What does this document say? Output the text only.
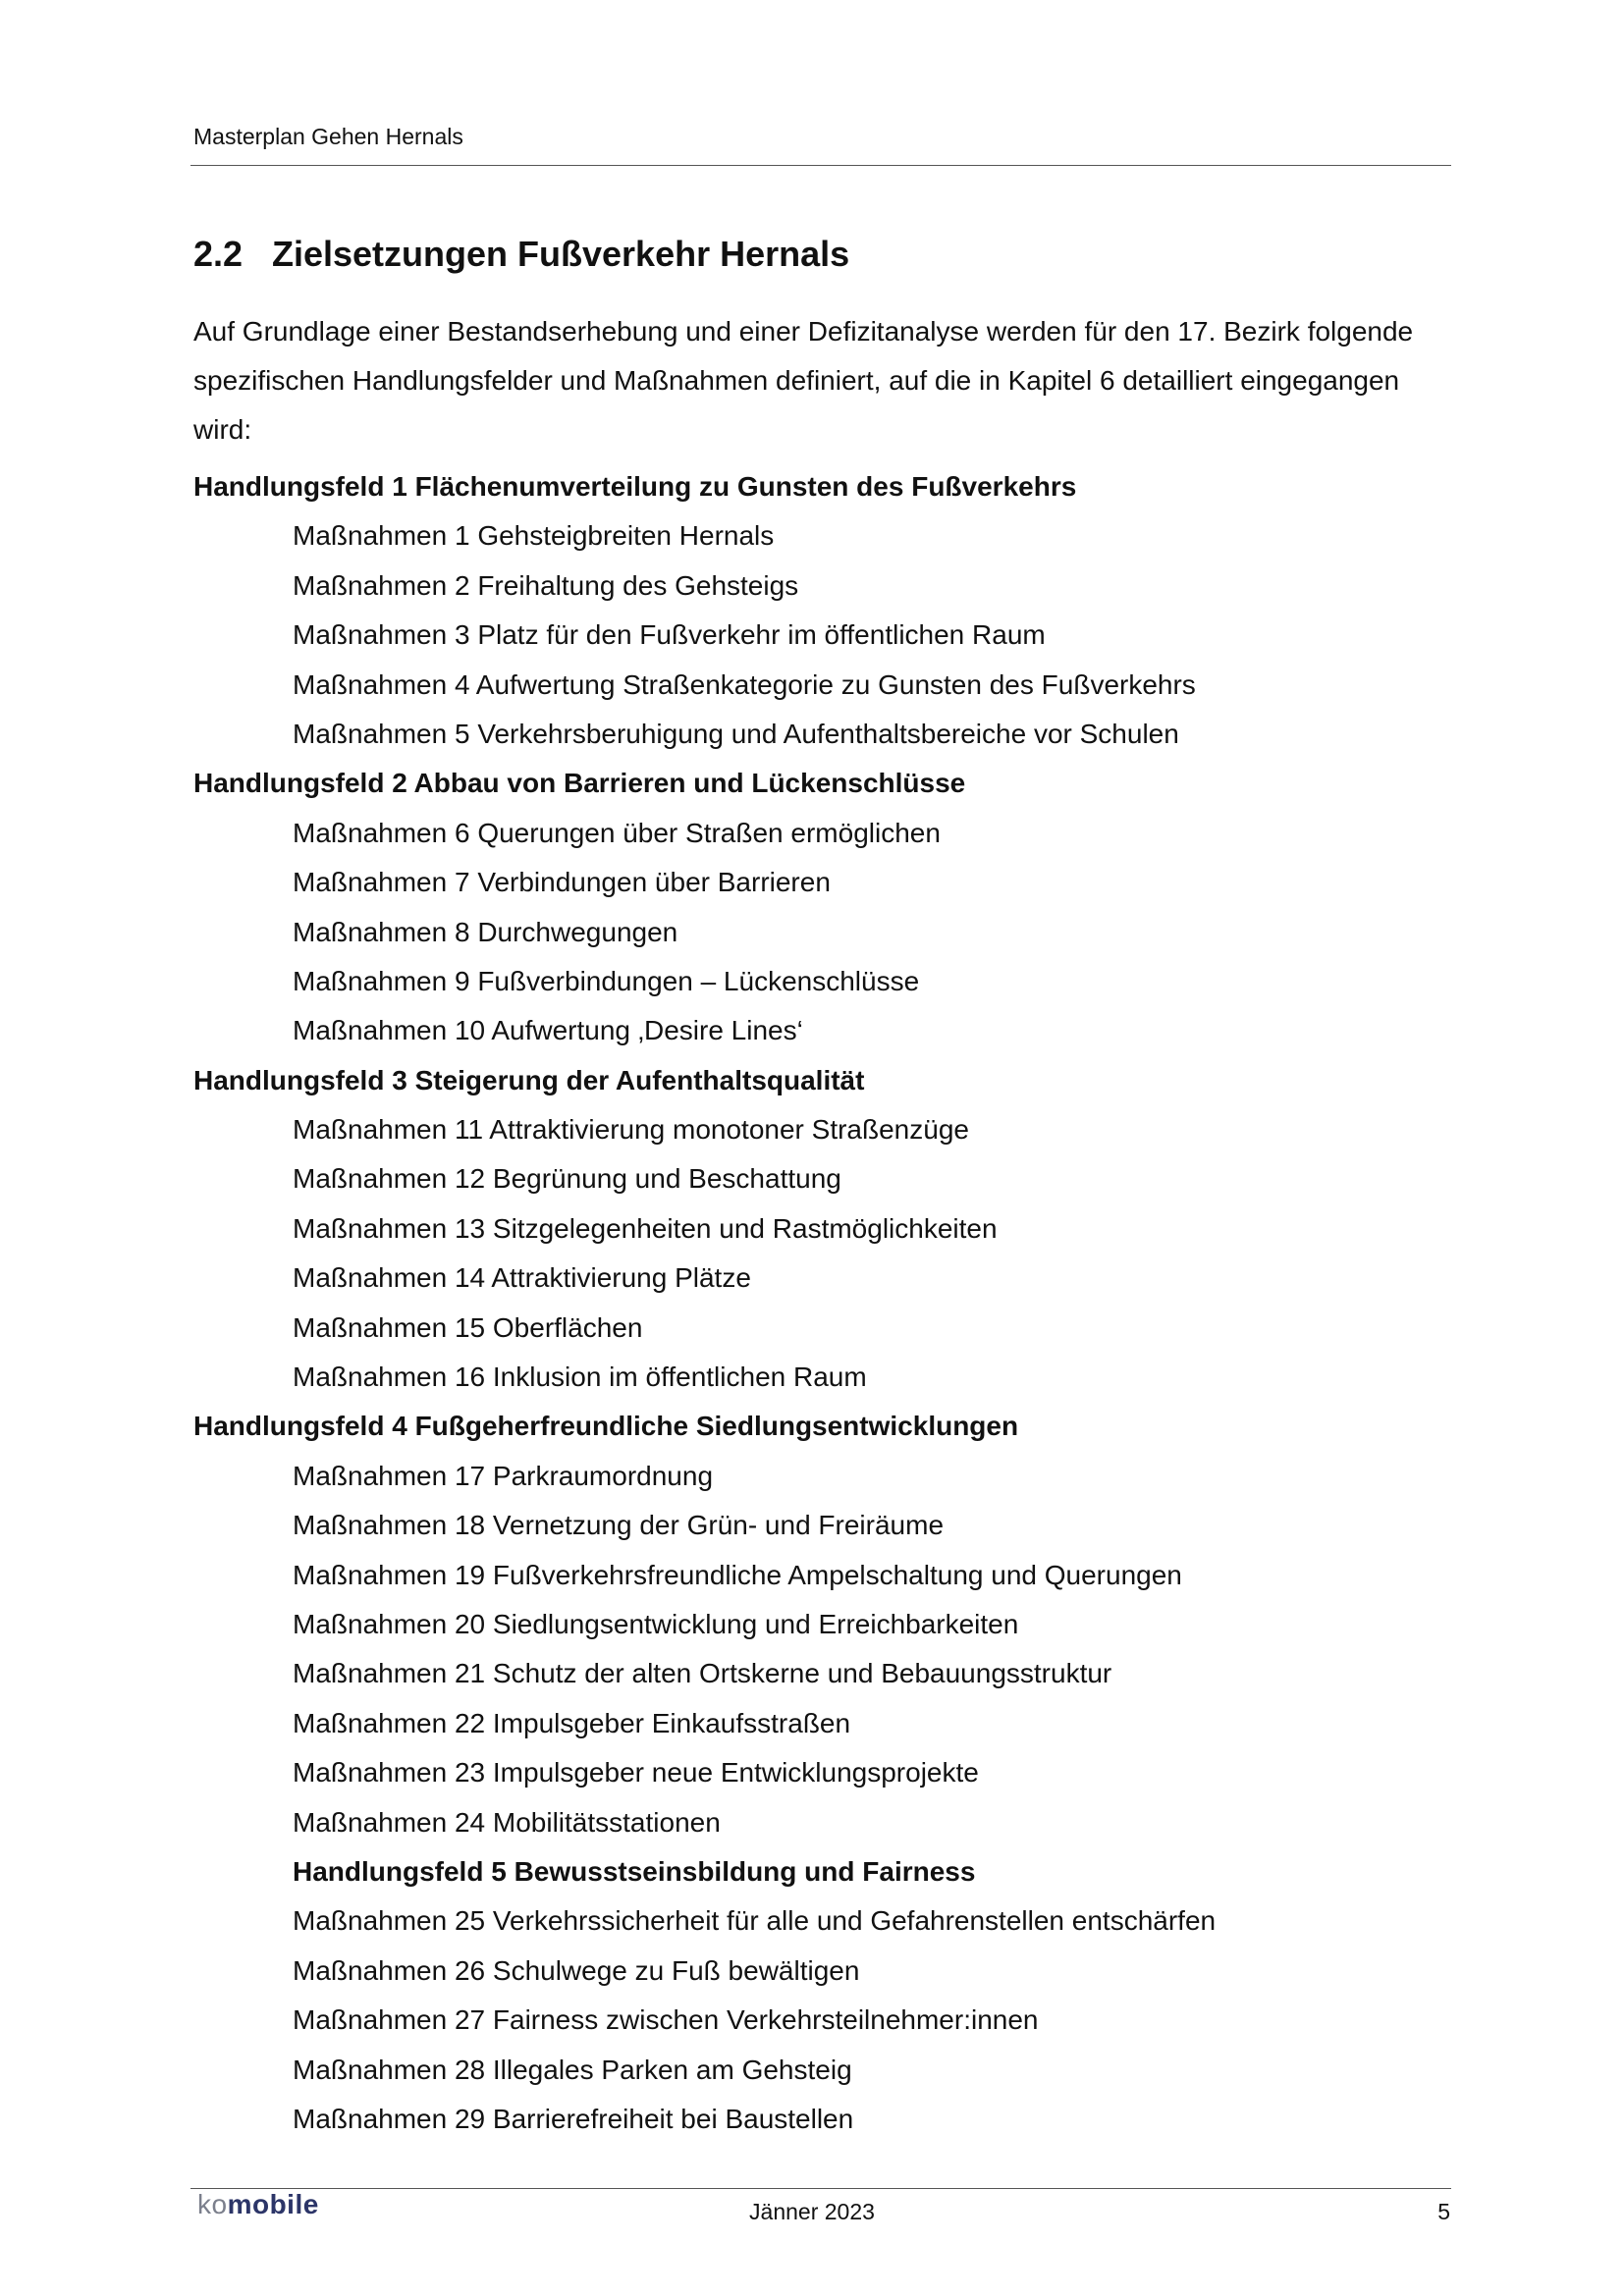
Masterplan Gehen Hernals
2.2 Zielsetzungen Fußverkehr Hernals

Auf Grundlage einer Bestandserhebung und einer Defizitanalyse werden für den 17. Bezirk folgende spezifischen Handlungsfelder und Maßnahmen definiert, auf die in Kapitel 6 detailliert eingegangen wird:

Handlungsfeld 1 Flächenumverteilung zu Gunsten des Fußverkehrs
Maßnahmen 1 Gehsteigbreiten Hernals
Maßnahmen 2 Freihaltung des Gehsteigs
Maßnahmen 3 Platz für den Fußverkehr im öffentlichen Raum
Maßnahmen 4 Aufwertung Straßenkategorie zu Gunsten des Fußverkehrs
Maßnahmen 5 Verkehrsberuhigung und Aufenthaltsbereiche vor Schulen
Handlungsfeld 2 Abbau von Barrieren und Lückenschlüsse
Maßnahmen 6 Querungen über Straßen ermöglichen
Maßnahmen 7 Verbindungen über Barrieren
Maßnahmen 8 Durchwegungen
Maßnahmen 9 Fußverbindungen – Lückenschlüsse
Maßnahmen 10 Aufwertung ‚Desire Lines‘
Handlungsfeld 3 Steigerung der Aufenthaltsqualität
Maßnahmen 11 Attraktivierung monotoner Straßenzüge
Maßnahmen 12 Begrünung und Beschattung
Maßnahmen 13 Sitzgelegenheiten und Rastmöglichkeiten
Maßnahmen 14 Attraktivierung Plätze
Maßnahmen 15 Oberflächen
Maßnahmen 16 Inklusion im öffentlichen Raum
Handlungsfeld 4 Fußgeherfreundliche Siedlungsentwicklungen
Maßnahmen 17 Parkraumordnung
Maßnahmen 18 Vernetzung der Grün- und Freiräume
Maßnahmen 19 Fußverkehrsfreundliche Ampelschaltung und Querungen
Maßnahmen 20 Siedlungsentwicklung und Erreichbarkeiten
Maßnahmen 21 Schutz der alten Ortskerne und Bebauungsstruktur
Maßnahmen 22 Impulsgeber Einkaufsstraßen
Maßnahmen 23 Impulsgeber neue Entwicklungsprojekte
Maßnahmen 24 Mobilitätsstationen
Handlungsfeld 5 Bewusstseinsbildung und Fairness
Maßnahmen 25 Verkehrssicherheit für alle und Gefahrenstellen entschärfen
Maßnahmen 26 Schulwege zu Fuß bewältigen
Maßnahmen 27 Fairness zwischen Verkehrsteilnehmer:innen
Maßnahmen 28 Illegales Parken am Gehsteig
Maßnahmen 29 Barrierefreiheit bei Baustellen
komobile	Jänner 2023	5
